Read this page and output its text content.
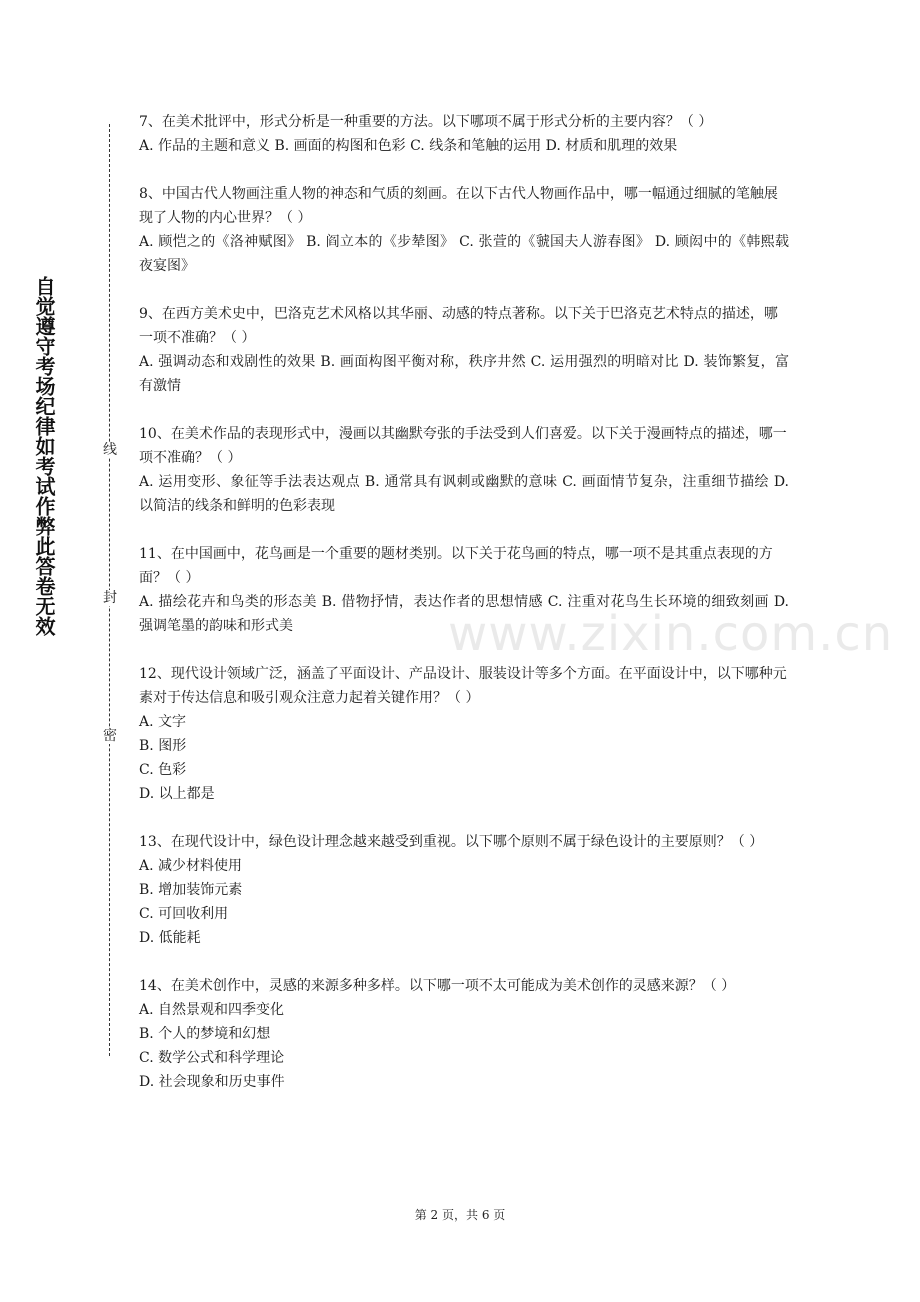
自觉遵守考场纪律如考试作弊此答卷无效	线
封
密
www.zixin.com.cn

7、在美术批评中，形式分析是一种重要的方法。以下哪项不属于形式分析的主要内容？（ ）

A. 作品的主题和意义 B. 画面的构图和色彩 C. 线条和笔触的运用 D. 材质和肌理的效果

8、中国古代人物画注重人物的神态和气质的刻画。在以下古代人物画作品中，哪一幅通过细腻的笔触展现了人物的内心世界？（ ）

A. 顾恺之的《洛神赋图》 B. 阎立本的《步辇图》 C. 张萱的《虢国夫人游春图》 D. 顾闳中的《韩熙载夜宴图》

9、在西方美术史中，巴洛克艺术风格以其华丽、动感的特点著称。以下关于巴洛克艺术特点的描述，哪一项不准确？（ ）

A. 强调动态和戏剧性的效果 B. 画面构图平衡对称，秩序井然 C. 运用强烈的明暗对比 D. 装饰繁复，富有激情

10、在美术作品的表现形式中，漫画以其幽默夸张的手法受到人们喜爱。以下关于漫画特点的描述，哪一项不准确？（ ）

A. 运用变形、象征等手法表达观点 B. 通常具有讽刺或幽默的意味 C. 画面情节复杂，注重细节描绘 D. 以简洁的线条和鲜明的色彩表现

11、在中国画中，花鸟画是一个重要的题材类别。以下关于花鸟画的特点，哪一项不是其重点表现的方面？（ ）

A. 描绘花卉和鸟类的形态美 B. 借物抒情，表达作者的思想情感 C. 注重对花鸟生长环境的细致刻画 D. 强调笔墨的韵味和形式美

12、现代设计领域广泛，涵盖了平面设计、产品设计、服装设计等多个方面。在平面设计中，以下哪种元素对于传达信息和吸引观众注意力起着关键作用？（ ）

A. 文字

B. 图形

C. 色彩

D. 以上都是

13、在现代设计中，绿色设计理念越来越受到重视。以下哪个原则不属于绿色设计的主要原则？（ ）

A. 减少材料使用

B. 增加装饰元素

C. 可回收利用

D. 低能耗

14、在美术创作中，灵感的来源多种多样。以下哪一项不太可能成为美术创作的灵感来源？（ ）

A. 自然景观和四季变化

B. 个人的梦境和幻想

C. 数学公式和科学理论

D. 社会现象和历史事件

第 2 页，共 6 页
